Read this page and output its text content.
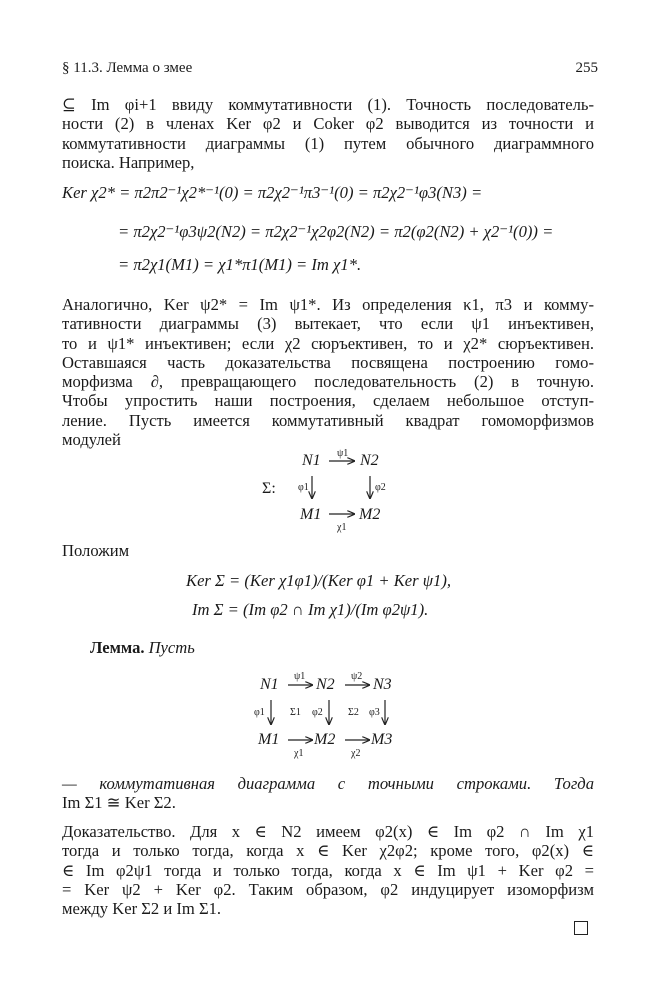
§ 11.3. Лемма о змее	255
⊆ Im φi+1 ввиду коммутативности (1). Точность последователь-
ности (2) в членах Ker φ2 и Coker φ2 выводится из точности и
коммутативности диаграммы (1) путем обычного диаграммного
поиска. Например,
Ker χ2* = π2π2⁻¹χ2*⁻¹(0) = π2χ2⁻¹π3⁻¹(0) = π2χ2⁻¹φ3(N3) =
= π2χ2⁻¹φ3ψ2(N2) = π2χ2⁻¹χ2φ2(N2) = π2(φ2(N2) + χ2⁻¹(0)) =
= π2χ1(M1) = χ1*π1(M1) = Im χ1*.
Аналогично, Ker ψ2* = Im ψ1*. Из определения κ1, π3 и комму-
тативности диаграммы (3) вытекает, что если ψ1 инъективен,
то и ψ1* инъективен; если χ2 сюръективен, то и χ2* сюръективен.
Оставшаяся часть доказательства посвящена построению гомо-
морфизма ∂, превращающего последовательность (2) в точную.
Чтобы упростить наши построения, сделаем небольшое отступ-
ление. Пусть имеется коммутативный квадрат гомоморфизмов
модулей
Σ:
N1 N2
M1 M2
ψ1
φ1	φ2
χ1
Положим
Ker Σ = (Ker χ1φ1)/(Ker φ1 + Ker ψ1),
Im Σ = (Im φ2 ∩ Im χ1)/(Im φ2ψ1).
Лемма. Пусть
N1 N2 N3
M1 M2 M3
ψ1	ψ2
φ1	φ2	φ3
χ1	χ2
Σ1	Σ2
— коммутативная диаграмма с точными строками. Тогда
Im Σ1 ≅ Ker Σ2.
Доказательство. Для x ∈ N2 имеем φ2(x) ∈ Im φ2 ∩ Im χ1
тогда и только тогда, когда x ∈ Ker χ2φ2; кроме того, φ2(x) ∈
∈ Im φ2ψ1 тогда и только тогда, когда x ∈ Im ψ1 + Ker φ2 =
= Ker ψ2 + Ker φ2. Таким образом, φ2 индуцирует изоморфизм
между Ker Σ2 и Im Σ1.
